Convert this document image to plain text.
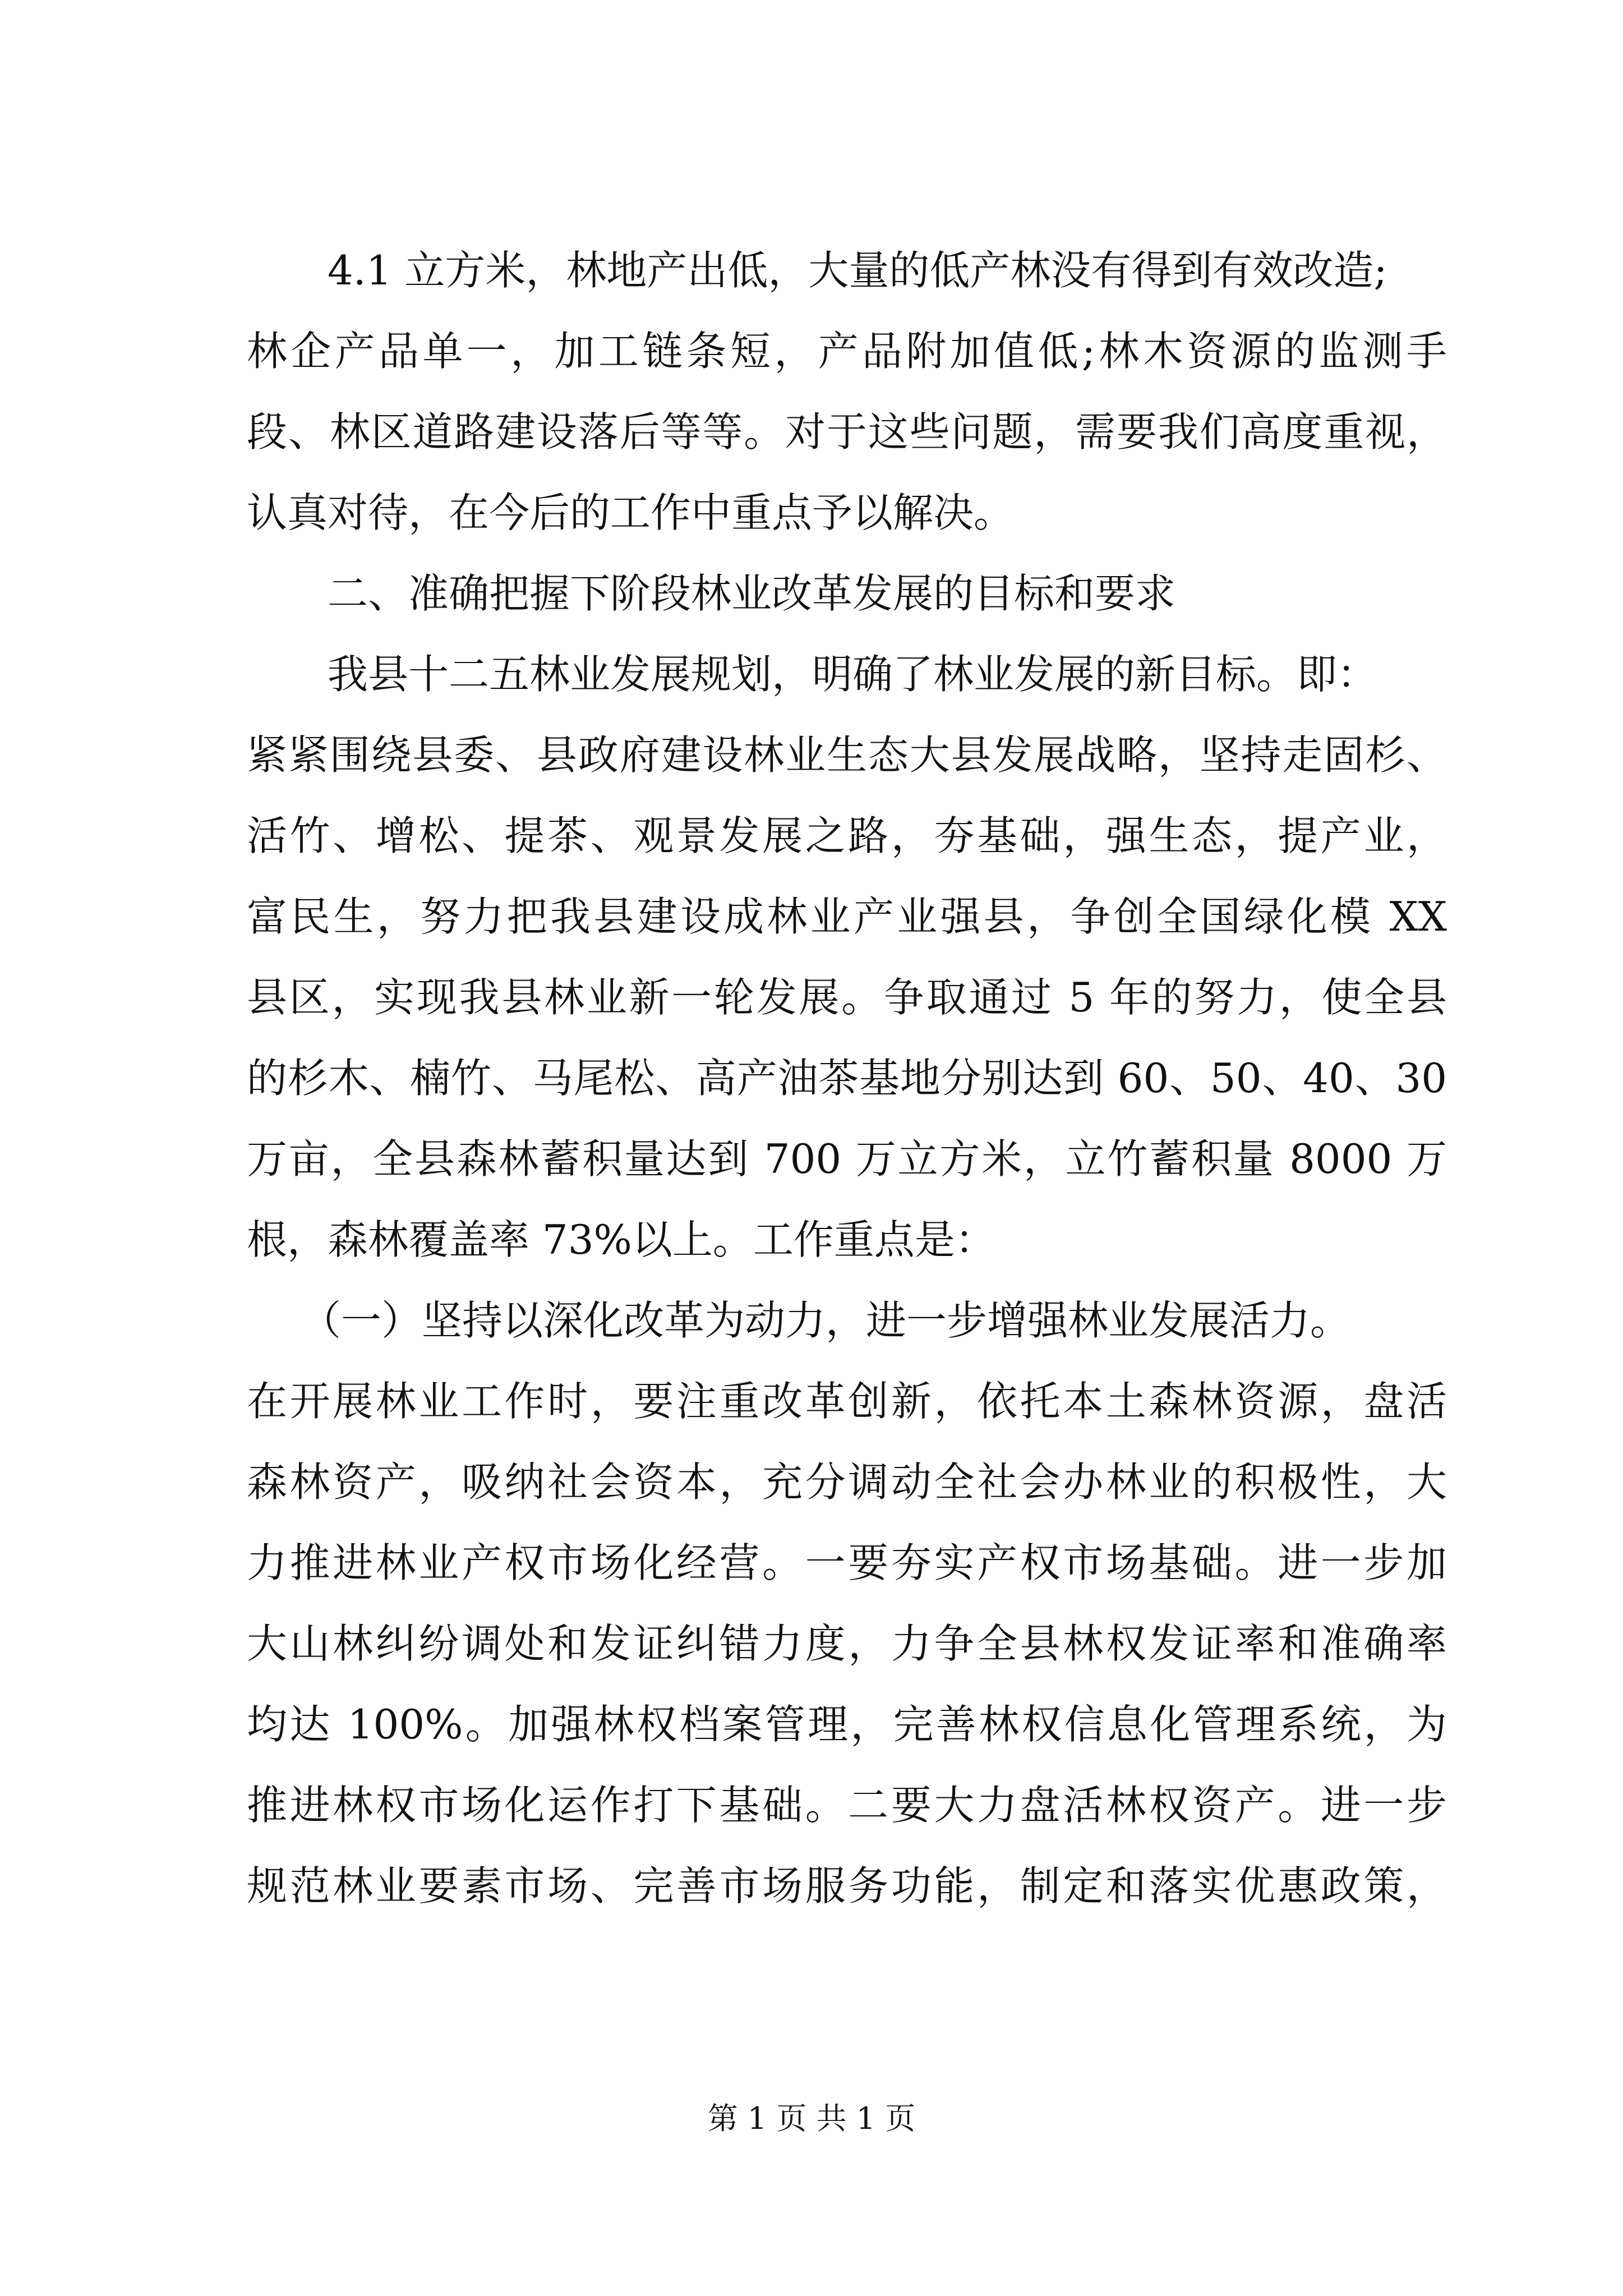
4.1 立方米，林地产出低，大量的低产林没有得到有效改造;
林企产品单一，加工链条短，产品附加值低;林木资源的监测手
段、林区道路建设落后等等。对于这些问题，需要我们高度重视，
认真对待，在今后的工作中重点予以解决。
二、准确把握下阶段林业改革发展的目标和要求
我县十二五林业发展规划，明确了林业发展的新目标。即：
紧紧围绕县委、县政府建设林业生态大县发展战略，坚持走固杉、
活竹、增松、提茶、观景发展之路，夯基础，强生态，提产业，
富民生，努力把我县建设成林业产业强县，争创全国绿化模 XX
县区，实现我县林业新一轮发展。争取通过 5 年的努力，使全县
的杉木、楠竹、马尾松、高产油茶基地分别达到 60、50、40、30
万亩，全县森林蓄积量达到 700 万立方米，立竹蓄积量 8000 万
根，森林覆盖率 73%以上。工作重点是：
（一）坚持以深化改革为动力，进一步增强林业发展活力。
在开展林业工作时，要注重改革创新，依托本土森林资源，盘活
森林资产，吸纳社会资本，充分调动全社会办林业的积极性，大
力推进林业产权市场化经营。一要夯实产权市场基础。进一步加
大山林纠纷调处和发证纠错力度，力争全县林权发证率和准确率
均达 100%。加强林权档案管理，完善林权信息化管理系统，为
推进林权市场化运作打下基础。二要大力盘活林权资产。进一步
规范林业要素市场、完善市场服务功能，制定和落实优惠政策，
第 1 页 共 1 页
